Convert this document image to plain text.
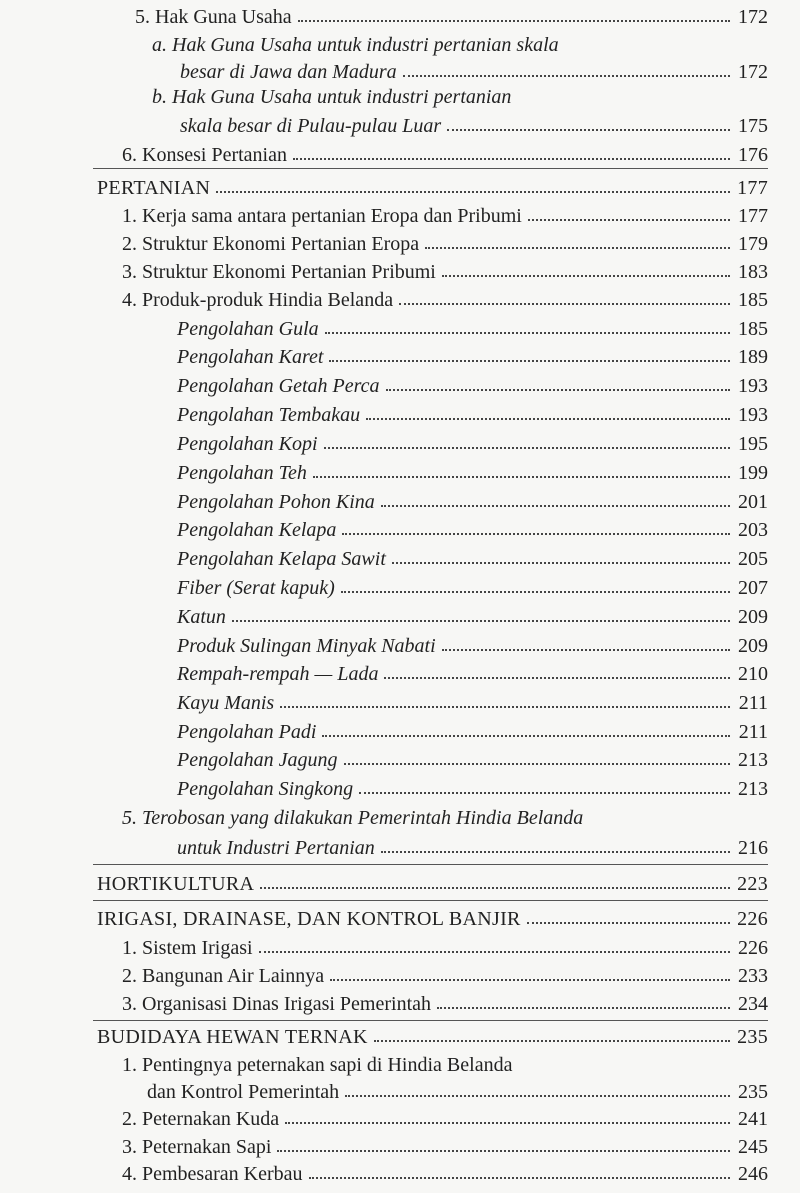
5. Hak Guna Usaha	172
a. Hak Guna Usaha untuk industri pertanian skala
besar di Jawa dan Madura	172
b. Hak Guna Usaha untuk industri pertanian
skala besar di Pulau-pulau Luar	175
6. Konsesi Pertanian	176
PERTANIAN	177
1. Kerja sama antara pertanian Eropa dan Pribumi	177
2. Struktur Ekonomi Pertanian Eropa	179
3. Struktur Ekonomi Pertanian Pribumi	183
4. Produk-produk Hindia Belanda	185
Pengolahan Gula	185
Pengolahan Karet	189
Pengolahan Getah Perca	193
Pengolahan Tembakau	193
Pengolahan Kopi	195
Pengolahan Teh	199
Pengolahan Pohon Kina	201
Pengolahan Kelapa	203
Pengolahan Kelapa Sawit	205
Fiber (Serat kapuk)	207
Katun	209
Produk Sulingan Minyak Nabati	209
Rempah-rempah — Lada	210
Kayu Manis	211
Pengolahan Padi	211
Pengolahan Jagung	213
Pengolahan Singkong	213
5. Terobosan yang dilakukan Pemerintah Hindia Belanda
untuk Industri Pertanian	216
HORTIKULTURA	223
IRIGASI, DRAINASE, DAN KONTROL BANJIR	226
1. Sistem Irigasi	226
2. Bangunan Air Lainnya	233
3. Organisasi Dinas Irigasi Pemerintah	234
BUDIDAYA HEWAN TERNAK	235
1. Pentingnya peternakan sapi di Hindia Belanda
dan Kontrol Pemerintah	235
2. Peternakan Kuda	241
3. Peternakan Sapi	245
4. Pembesaran Kerbau	246
